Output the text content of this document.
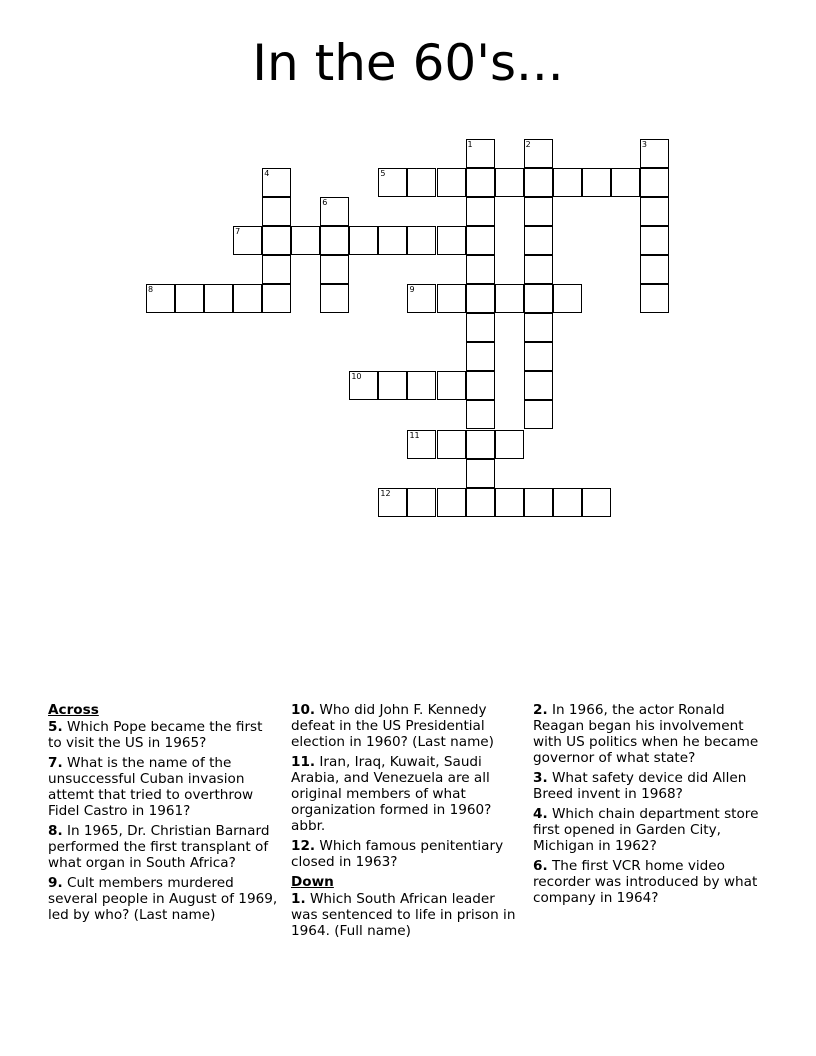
In the 60's...
1	2	3
4	5
6
7
8	9
10
11
12
Across
5. Which Pope became the first to visit the US in 1965?
7. What is the name of the unsuccessful Cuban invasion attemt that tried to overthrow Fidel Castro in 1961?
8. In 1965, Dr. Christian Barnard performed the first transplant of what organ in South Africa?
9. Cult members murdered several people in August of 1969, led by who? (Last name)
10. Who did John F. Kennedy defeat in the US Presidential election in 1960? (Last name)
11. Iran, Iraq, Kuwait, Saudi Arabia, and Venezuela are all original members of what organization formed in 1960? abbr.
12. Which famous penitentiary closed in 1963?
Down
1. Which South African leader was sentenced to life in prison in 1964. (Full name)
2. In 1966, the actor Ronald Reagan began his involvement with US politics when he became governor of what state?
3. What safety device did Allen Breed invent in 1968?
4. Which chain department store first opened in Garden City, Michigan in 1962?
6. The first VCR home video recorder was introduced by what company in 1964?
